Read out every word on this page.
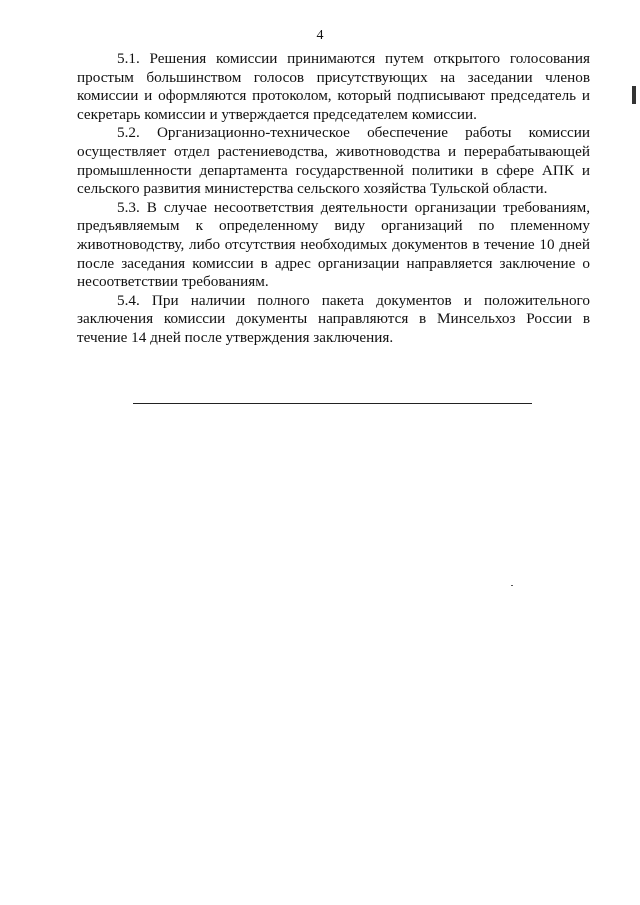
4

5.1. Решения комиссии принимаются путем открытого голосования простым большинством голосов присутствующих на заседании членов комиссии и оформляются протоколом, который подписывают председатель и секретарь комиссии и утверждается председателем комиссии.

5.2. Организационно-техническое обеспечение работы комиссии осуществляет отдел растениеводства, животноводства и перерабатывающей промышленности департамента государственной политики в сфере АПК и сельского развития министерства сельского хозяйства Тульской области.

5.3. В случае несоответствия деятельности организации требованиям, предъявляемым к определенному виду организаций по племенному животноводству, либо отсутствия необходимых документов в течение 10 дней после заседания комиссии в адрес организации направляется заключение о несоответствии требованиям.

5.4. При наличии полного пакета документов и положительного заключения комиссии документы направляются в Минсельхоз России в течение 14 дней после утверждения заключения.
